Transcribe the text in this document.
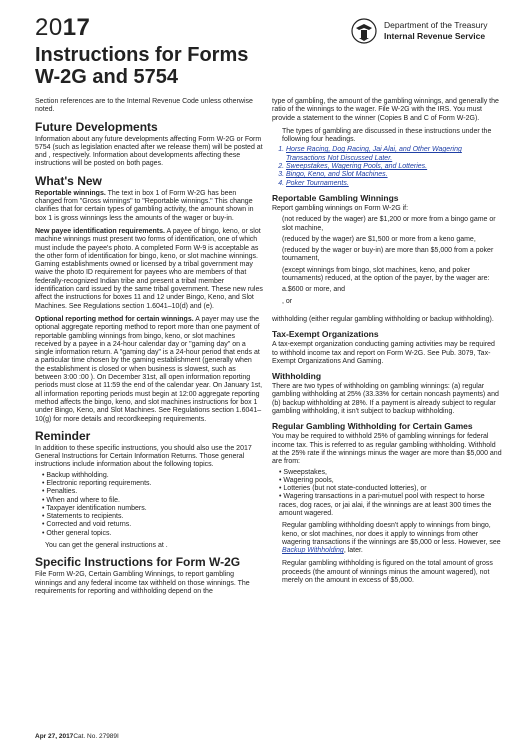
2017
Instructions for Forms
W-2G and 5754
Department of the Treasury
Internal Revenue Service

Section references are to the Internal Revenue Code unless otherwise noted.

Future Developments

Information about any future developments affecting Form W-2G or Form 5754 (such as legislation enacted after we release them) will be posted at and , respectively. Information about developments affecting these instructions will be posted on both pages.

What's New

Reportable winnings. The text in box 1 of Form W-2G has been changed from "Gross winnings" to "Reportable winnings." This change clarifies that for certain types of gambling activity, the amount shown in box 1 is gross winnings less the amounts of the wager or buy-in.

New payee identification requirements. A payee of bingo, keno, or slot machine winnings must present two forms of identification, one of which must include the payee's photo. A completed Form W-9 is acceptable as the other form of identification for bingo, keno, or slot machine winnings. Gaming establishments owned or licensed by a tribal government may waive the photo ID requirement for payees who are members of that federally-recognized Indian tribe and present a tribal member identification card issued by the same tribal government. These new rules affect the instructions for boxes 11 and 12 under Bingo, Keno, and Slot Machines. See Regulations section 1.6041–10(d) and (e).

Optional reporting method for certain winnings. A payer may use the optional aggregate reporting method to report more than one payment of reportable gambling winnings from bingo, keno, or slot machines received by a payee in a 24-hour calendar day or "gaming day" on a single information return. A "gaming day" is a 24-hour period that ends at a particular time chosen by the gaming establishment (generally when the establishment is closed or when business is slowest, such as between 3:00 :00 ). On December 31st, all open information reporting periods must close at 11:59 the end of the calendar year. On January 1st, all information reporting periods must begin at 12:00 aggregate reporting method affects the bingo, keno, and slot machines instructions for box 1 under Bingo, Keno, and Slot Machines. See Regulations section 1.6041–10(g) for more details and recordkeeping requirements.

Reminder

In addition to these specific instructions, you should also use the 2017 General Instructions for Certain Information Returns. Those general instructions include information about the following topics.

• Backup withholding.
• Electronic reporting requirements.
• Penalties.
• When and where to file.
• Taxpayer identification numbers.
• Statements to recipients.
• Corrected and void returns.
• Other general topics.

You can get the general instructions at .

Specific Instructions for Form W-2G

File Form W-2G, Certain Gambling Winnings, to report gambling winnings and any federal income tax withheld on those winnings. The requirements for reporting and withholding depend on the

type of gambling, the amount of the gambling winnings, and generally the ratio of the winnings to the wager. File W-2G with the IRS. You must provide a statement to the winner (Copies B and C of Form W-2G).

The types of gambling are discussed in these instructions under the following four headings.

1. Horse Racing, Dog Racing, Jai Alai, and Other Wagering Transactions Not Discussed Later.
2. Sweepstakes, Wagering Pools, and Lotteries.
3. Bingo, Keno, and Slot Machines.
4. Poker Tournaments.
Reportable Gambling Winnings

Report gambling winnings on Form W-2G if:

(not reduced by the wager) are $1,200 or more from a bingo game or slot machine,

(reduced by the wager) are $1,500 or more from a keno game,

(reduced by the wager or buy-in) are more than $5,000 from a poker tournament,

(except winnings from bingo, slot machines, keno, and poker tournaments) reduced, at the option of the payer, by the wager are:

a.$600 or more, and

, or

withholding (either regular gambling withholding or backup withholding).

Tax-Exempt Organizations

A tax-exempt organization conducting gaming activities may be required to withhold income tax and report on Form W-2G. See Pub. 3079, Tax-Exempt Organizations And Gaming.

Withholding

There are two types of withholding on gambling winnings: (a) regular gambling withholding at 25% (33.33% for certain noncash payments) and (b) backup withholding at 28%. If a payment is already subject to regular gambling withholding, it isn't subject to backup withholding.

Regular Gambling Withholding for Certain Games

You may be required to withhold 25% of gambling winnings for federal income tax. This is referred to as regular gambling withholding. Withhold at the 25% rate if the winnings minus the wager are more than $5,000 and are from:

• Sweepstakes,
• Wagering pools,
• Lotteries (but not state-conducted lotteries), or
• Wagering transactions in a pari-mutuel pool with respect to horse races, dog races, or jai alai, if the winnings are at least 300 times the amount wagered.

Regular gambling withholding doesn't apply to winnings from bingo, keno, or slot machines, nor does it apply to winnings from other wagering transactions if the winnings are $5,000 or less. However, see Backup Withholding, later.

Regular gambling withholding is figured on the total amount of gross proceeds (the amount of winnings minus the amount wagered), not merely on the amount in excess of $5,000.

Apr 27, 2017Cat. No. 27989I
